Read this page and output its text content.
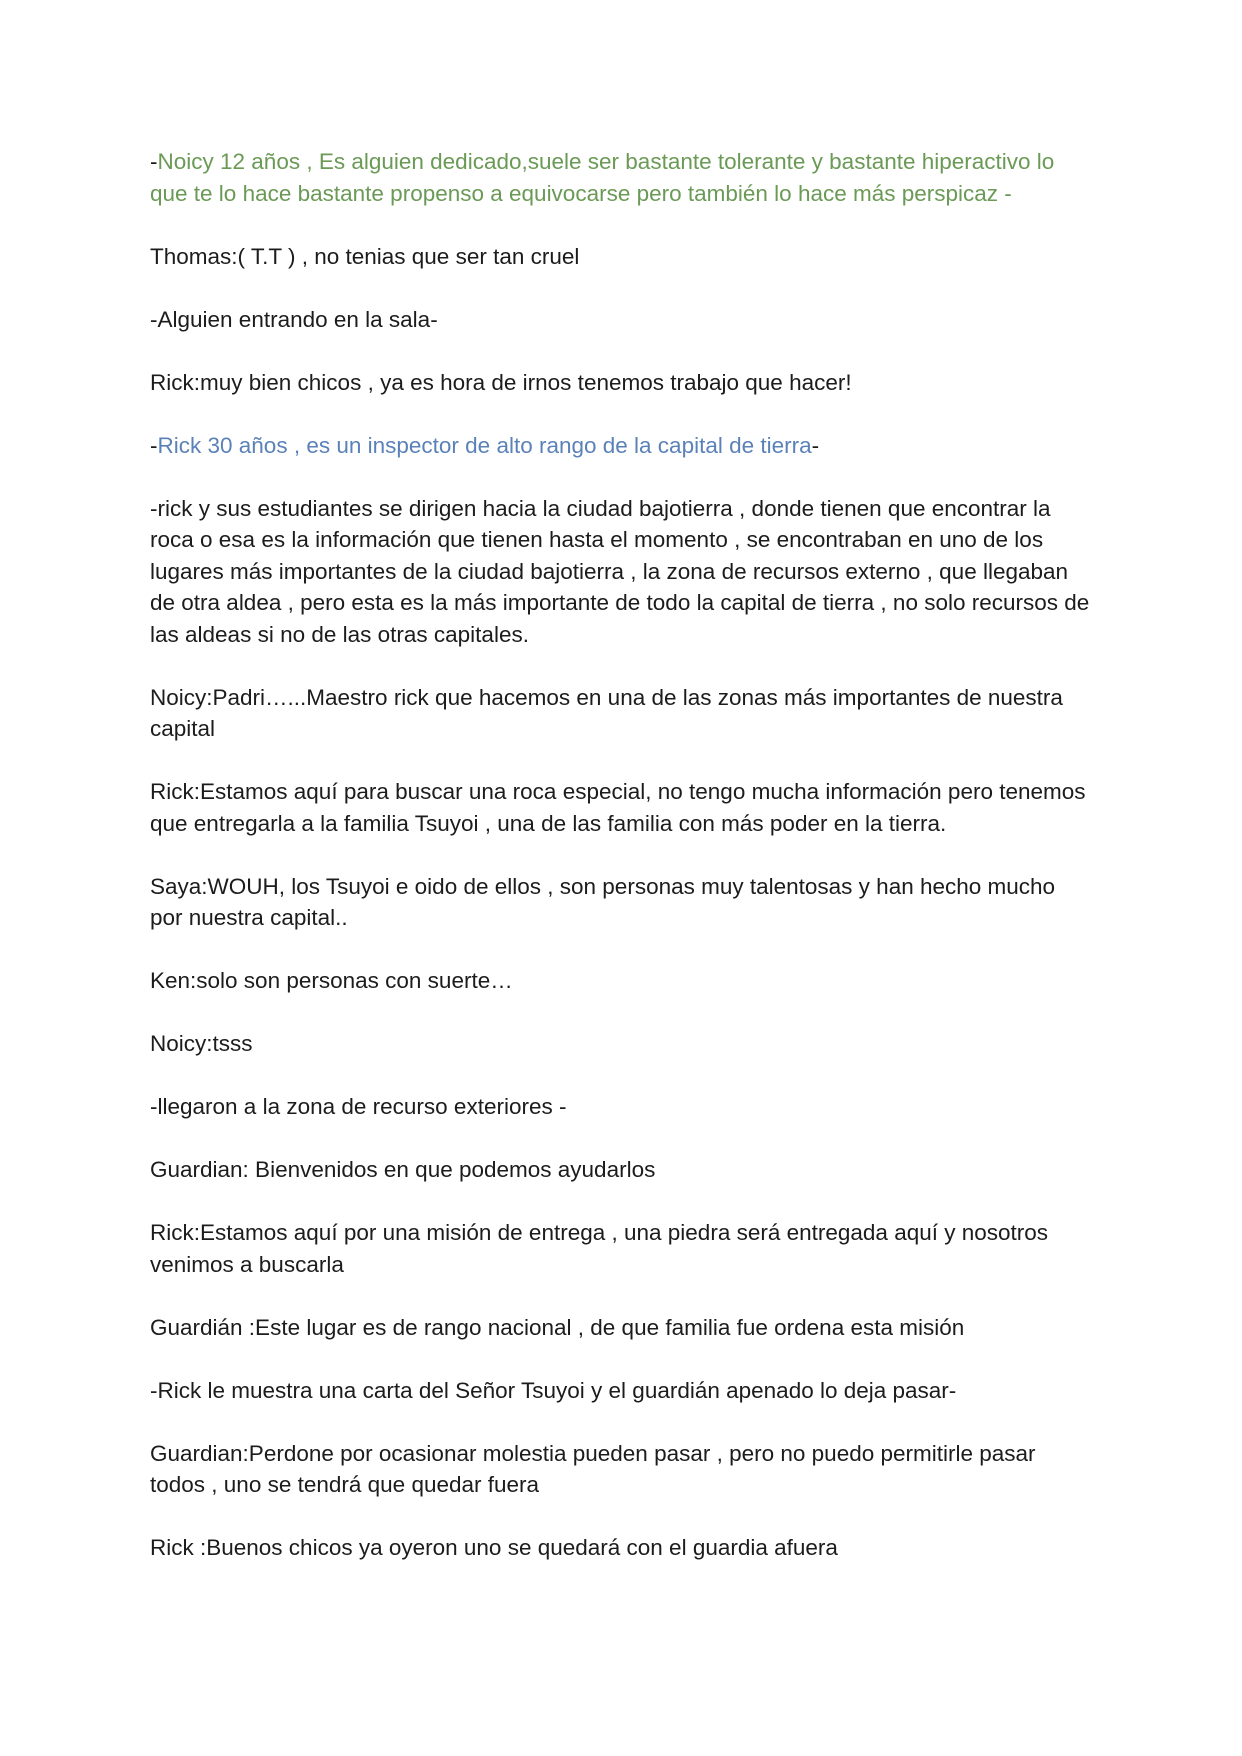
-Noicy 12 años , Es alguien dedicado,suele ser bastante tolerante y bastante hiperactivo lo que te lo hace bastante propenso a equivocarse pero también lo hace más perspicaz -

Thomas:( T.T ) , no tenias que ser tan cruel

-Alguien entrando en la sala-

Rick:muy bien chicos , ya es hora de irnos tenemos trabajo que hacer!

-Rick 30 años , es un inspector de alto rango de la capital de tierra-

-rick y sus estudiantes se dirigen hacia la ciudad bajotierra , donde tienen que encontrar la roca o esa es la información que tienen hasta el momento , se encontraban en uno de los lugares más importantes de la ciudad bajotierra , la zona de recursos externo , que llegaban de otra aldea , pero esta es la más importante de todo la capital de tierra , no solo recursos de las aldeas si no de las otras capitales.

Noicy:Padri…...Maestro rick que hacemos en una de las zonas más importantes de nuestra capital

Rick:Estamos aquí para buscar una roca especial, no tengo mucha información pero tenemos que entregarla a la familia Tsuyoi , una de las familia con más poder en la tierra.

Saya:WOUH, los Tsuyoi e oido de ellos , son personas muy talentosas y han hecho mucho por nuestra capital..

Ken:solo son personas con suerte…

Noicy:tsss

-llegaron a la zona de recurso exteriores -

Guardian: Bienvenidos en que podemos ayudarlos

Rick:Estamos aquí por una misión de entrega , una piedra será entregada aquí y nosotros venimos a buscarla

Guardián :Este lugar es de rango nacional , de que familia fue ordena esta misión

-Rick le muestra una carta del Señor Tsuyoi y el guardián apenado lo deja pasar-

Guardian:Perdone por ocasionar molestia pueden pasar , pero no puedo permitirle pasar todos , uno se tendrá que quedar fuera

Rick :Buenos chicos ya oyeron uno se quedará con el guardia afuera
